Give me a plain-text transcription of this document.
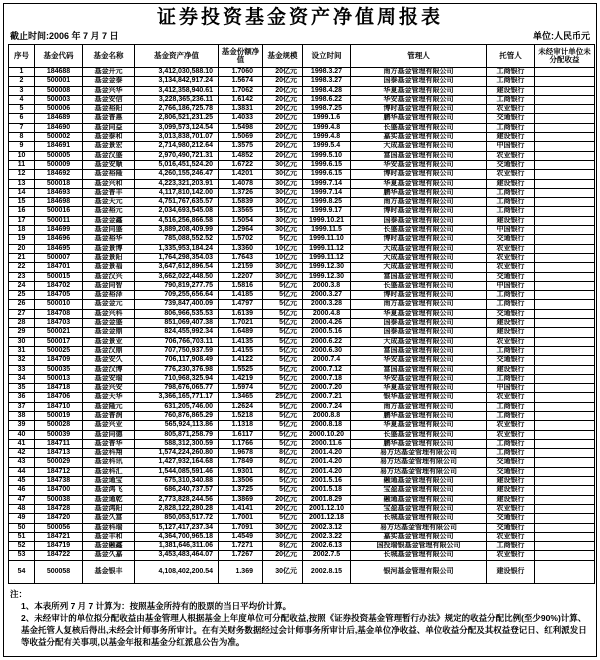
证券投资基金资产净值周报表
截止时间:2006 年 7 月 7 日	单位:人民币元
序号	基金代码	基金名称	基金资产净值	基金份额净值	基金规模	设立时间	管理人	托管人	未经审计单位未分配收益
1	184688	基金开元	3,412,030,588.10	1.7060	20亿元	1998.3.27	南方基金管理有限公司	工商银行	
2	500001	基金金泰	3,134,842,917.24	1.5674	20亿元	1998.3.27	国泰基金管理有限公司	工商银行	
3	500008	基金兴华	3,412,358,940.61	1.7062	20亿元	1998.4.28	华夏基金管理有限公司	建设银行	
4	500003	基金安信	3,228,365,236.11	1.6142	20亿元	1998.6.22	华安基金管理有限公司	工商银行	
5	500006	基金裕阳	2,766,186,725.78	1.3831	20亿元	1998.7.25	博时基金管理有限公司	农业银行	
6	184689	基金普惠	2,806,521,231.25	1.4033	20亿元	1999.1.6	鹏华基金管理有限公司	交通银行	
7	184690	基金同益	3,099,573,124.54	1.5498	20亿元	1999.4.8	长盛基金管理有限公司	工商银行	
8	500002	基金泰和	3,013,838,701.07	1.5069	20亿元	1999.4.8	嘉实基金管理有限公司	建设银行	
9	184691	基金景宏	2,714,980,212.64	1.3575	20亿元	1999.5.4	大成基金管理有限公司	中国银行	
10	500005	基金汉盛	2,970,490,721.31	1.4852	20亿元	1999.5.10	富国基金管理有限公司	农业银行	
11	500009	基金安顺	5,016,451,524.20	1.6722	30亿元	1999.6.15	华安基金管理有限公司	交通银行	
12	184692	基金裕隆	4,260,155,246.47	1.4201	30亿元	1999.6.15	博时基金管理有限公司	农业银行	
13	500018	基金兴和	4,223,321,203.91	1.4078	30亿元	1999.7.14	华夏基金管理有限公司	建设银行	
14	184693	基金普丰	4,117,810,142.00	1.3726	30亿元	1999.7.14	鹏华基金管理有限公司	工商银行	
15	184698	基金天元	4,751,767,635.57	1.5839	30亿元	1999.8.25	南方基金管理有限公司	工商银行	
16	500016	基金裕元	2,034,693,545.08	1.3565	15亿元	1999.9.17	博时基金管理有限公司	工商银行	
17	500011	基金金鑫	4,516,256,866.58	1.5054	30亿元	1999.10.21	国泰基金管理有限公司	建设银行	
18	184699	基金同盛	3,889,208,409.99	1.2964	30亿元	1999.11.5	长盛基金管理有限公司	中国银行	
19	184696	基金裕华	785,088,552.52	1.5702	5亿元	1999.11.10	博时基金管理有限公司	交通银行	
20	184695	基金景博	1,335,953,184.24	1.3360	10亿元	1999.11.12	大成基金管理有限公司	农业银行	
21	500007	基金景阳	1,764,298,354.03	1.7643	10亿元	1999.11.12	大成基金管理有限公司	农业银行	
22	184701	基金景福	3,647,612,896.54	1.2159	30亿元	1999.12.30	大成基金管理有限公司	农业银行	
23	500015	基金汉兴	3,662,022,448.50	1.2207	30亿元	1999.12.30	富国基金管理有限公司	交通银行	
24	184702	基金同智	790,819,277.75	1.5816	5亿元	2000.3.8	长盛基金管理有限公司	中国银行	
25	184705	基金裕泽	709,255,656.64	1.4185	5亿元	2000.3.27	博时基金管理有限公司	工商银行	
26	500010	基金金元	739,847,400.09	1.4797	5亿元	2000.3.28	南方基金管理有限公司	工商银行	
27	184708	基金兴科	806,966,535.53	1.6139	5亿元	2000.4.8	华夏基金管理有限公司	交通银行	
28	184703	基金金盛	851,069,407.38	1.7021	5亿元	2000.4.26	国泰基金管理有限公司	建设银行	
29	500021	基金金鼎	824,455,992.34	1.6489	5亿元	2000.5.16	国泰基金管理有限公司	建设银行	
30	500017	基金景业	706,766,703.11	1.4135	5亿元	2000.6.22	大成基金管理有限公司	农业银行	
31	500025	基金汉鼎	707,750,937.59	1.4155	5亿元	2000.6.30	富国基金管理有限公司	工商银行	
32	184709	基金安久	706,117,908.49	1.4122	5亿元	2000.7.4	华安基金管理有限公司	交通银行	
33	500035	基金汉博	776,230,376.98	1.5525	5亿元	2000.7.12	富国基金管理有限公司	建设银行	
34	500013	基金安瑞	710,968,325.94	1.4219	5亿元	2000.7.18	华安基金管理有限公司	工商银行	
35	184718	基金兴安	798,676,065.77	1.5974	5亿元	2000.7.20	华夏基金管理有限公司	中国银行	
36	184706	基金天华	3,366,165,771.17	1.3465	25亿元	2000.7.21	银华基金管理有限公司	农业银行	
37	184710	基金隆元	631,205,746.00	1.2624	5亿元	2000.7.24	南方基金管理有限公司	工商银行	
38	500019	基金普润	760,876,865.29	1.5218	5亿元	2000.8.8	鹏华基金管理有限公司	工商银行	
39	500028	基金兴业	565,924,113.86	1.1318	5亿元	2000.8.18	华夏基金管理有限公司	农业银行	
40	500039	基金同德	805,871,258.79	1.6117	5亿元	2000.10.20	长盛基金管理有限公司	农业银行	
41	184711	基金普华	588,312,300.59	1.1766	5亿元	2000.11.6	鹏华基金管理有限公司	工商银行	
42	184713	基金科翔	1,574,224,260.80	1.9678	8亿元	2001.4.20	易方达基金管理有限公司	工商银行	
43	500029	基金科讯	1,427,932,164.68	1.7849	8亿元	2001.4.20	易方达基金管理有限公司	交通银行	
44	184712	基金科汇	1,544,085,591.46	1.9301	8亿元	2001.4.20	易方达基金管理有限公司	交通银行	
45	184738	基金通宝	675,310,340.88	1.3506	5亿元	2001.5.16	融通基金管理有限公司	建设银行	
46	184700	基金鸿飞	686,240,737.57	1.3725	5亿元	2001.5.18	宝盈基金管理有限公司	建设银行	
47	500038	基金通乾	2,773,828,244.56	1.3869	20亿元	2001.8.29	融通基金管理有限公司	建设银行	
48	184728	基金鸿阳	2,828,122,280.28	1.4141	20亿元	2001.12.10	宝盈基金管理有限公司	农业银行	
49	184720	基金久富	850,053,517.72	1.7001	5亿元	2001.12.18	长城基金管理有限公司	交通银行	
50	500056	基金科瑞	5,127,417,237.34	1.7091	30亿元	2002.3.12	易方达基金管理有限公司	交通银行	
51	184721	基金丰和	4,364,700,965.18	1.4549	30亿元	2002.3.22	嘉实基金管理有限公司	农业银行	
52	184719	基金融鑫	1,381,646,311.06	1.7271	8亿元	2002.6.13	国投瑞银基金管理有限公司	工商银行	
53	184722	基金久嘉	3,453,483,464.07	1.7267	20亿元	2002.7.5	长城基金管理有限公司	农业银行	
54	500058	基金银丰	4,108,402,200.54	1.369	30亿元	2002.8.15	银河基金管理有限公司	建设银行	
注：
1、本表所列 7 月 7 计算为：按照基金所持有的股票的当日平均价计算。
2、未经审计的单位拟分配收益由基金管理人根据基金上年度单位可分配收益,按照《证券投资基金管理暂行办法》规定的收益分配比例(至少90%)计算、基金托管人复核后得出,未经会计师事务所审计。在有关财务数据经过会计师事务所审计后,基金单位净收益、单位收益分配及其权益登记日、红利派发日等收益分配有关事项,以基金年报和基金分红派息公告为准。
